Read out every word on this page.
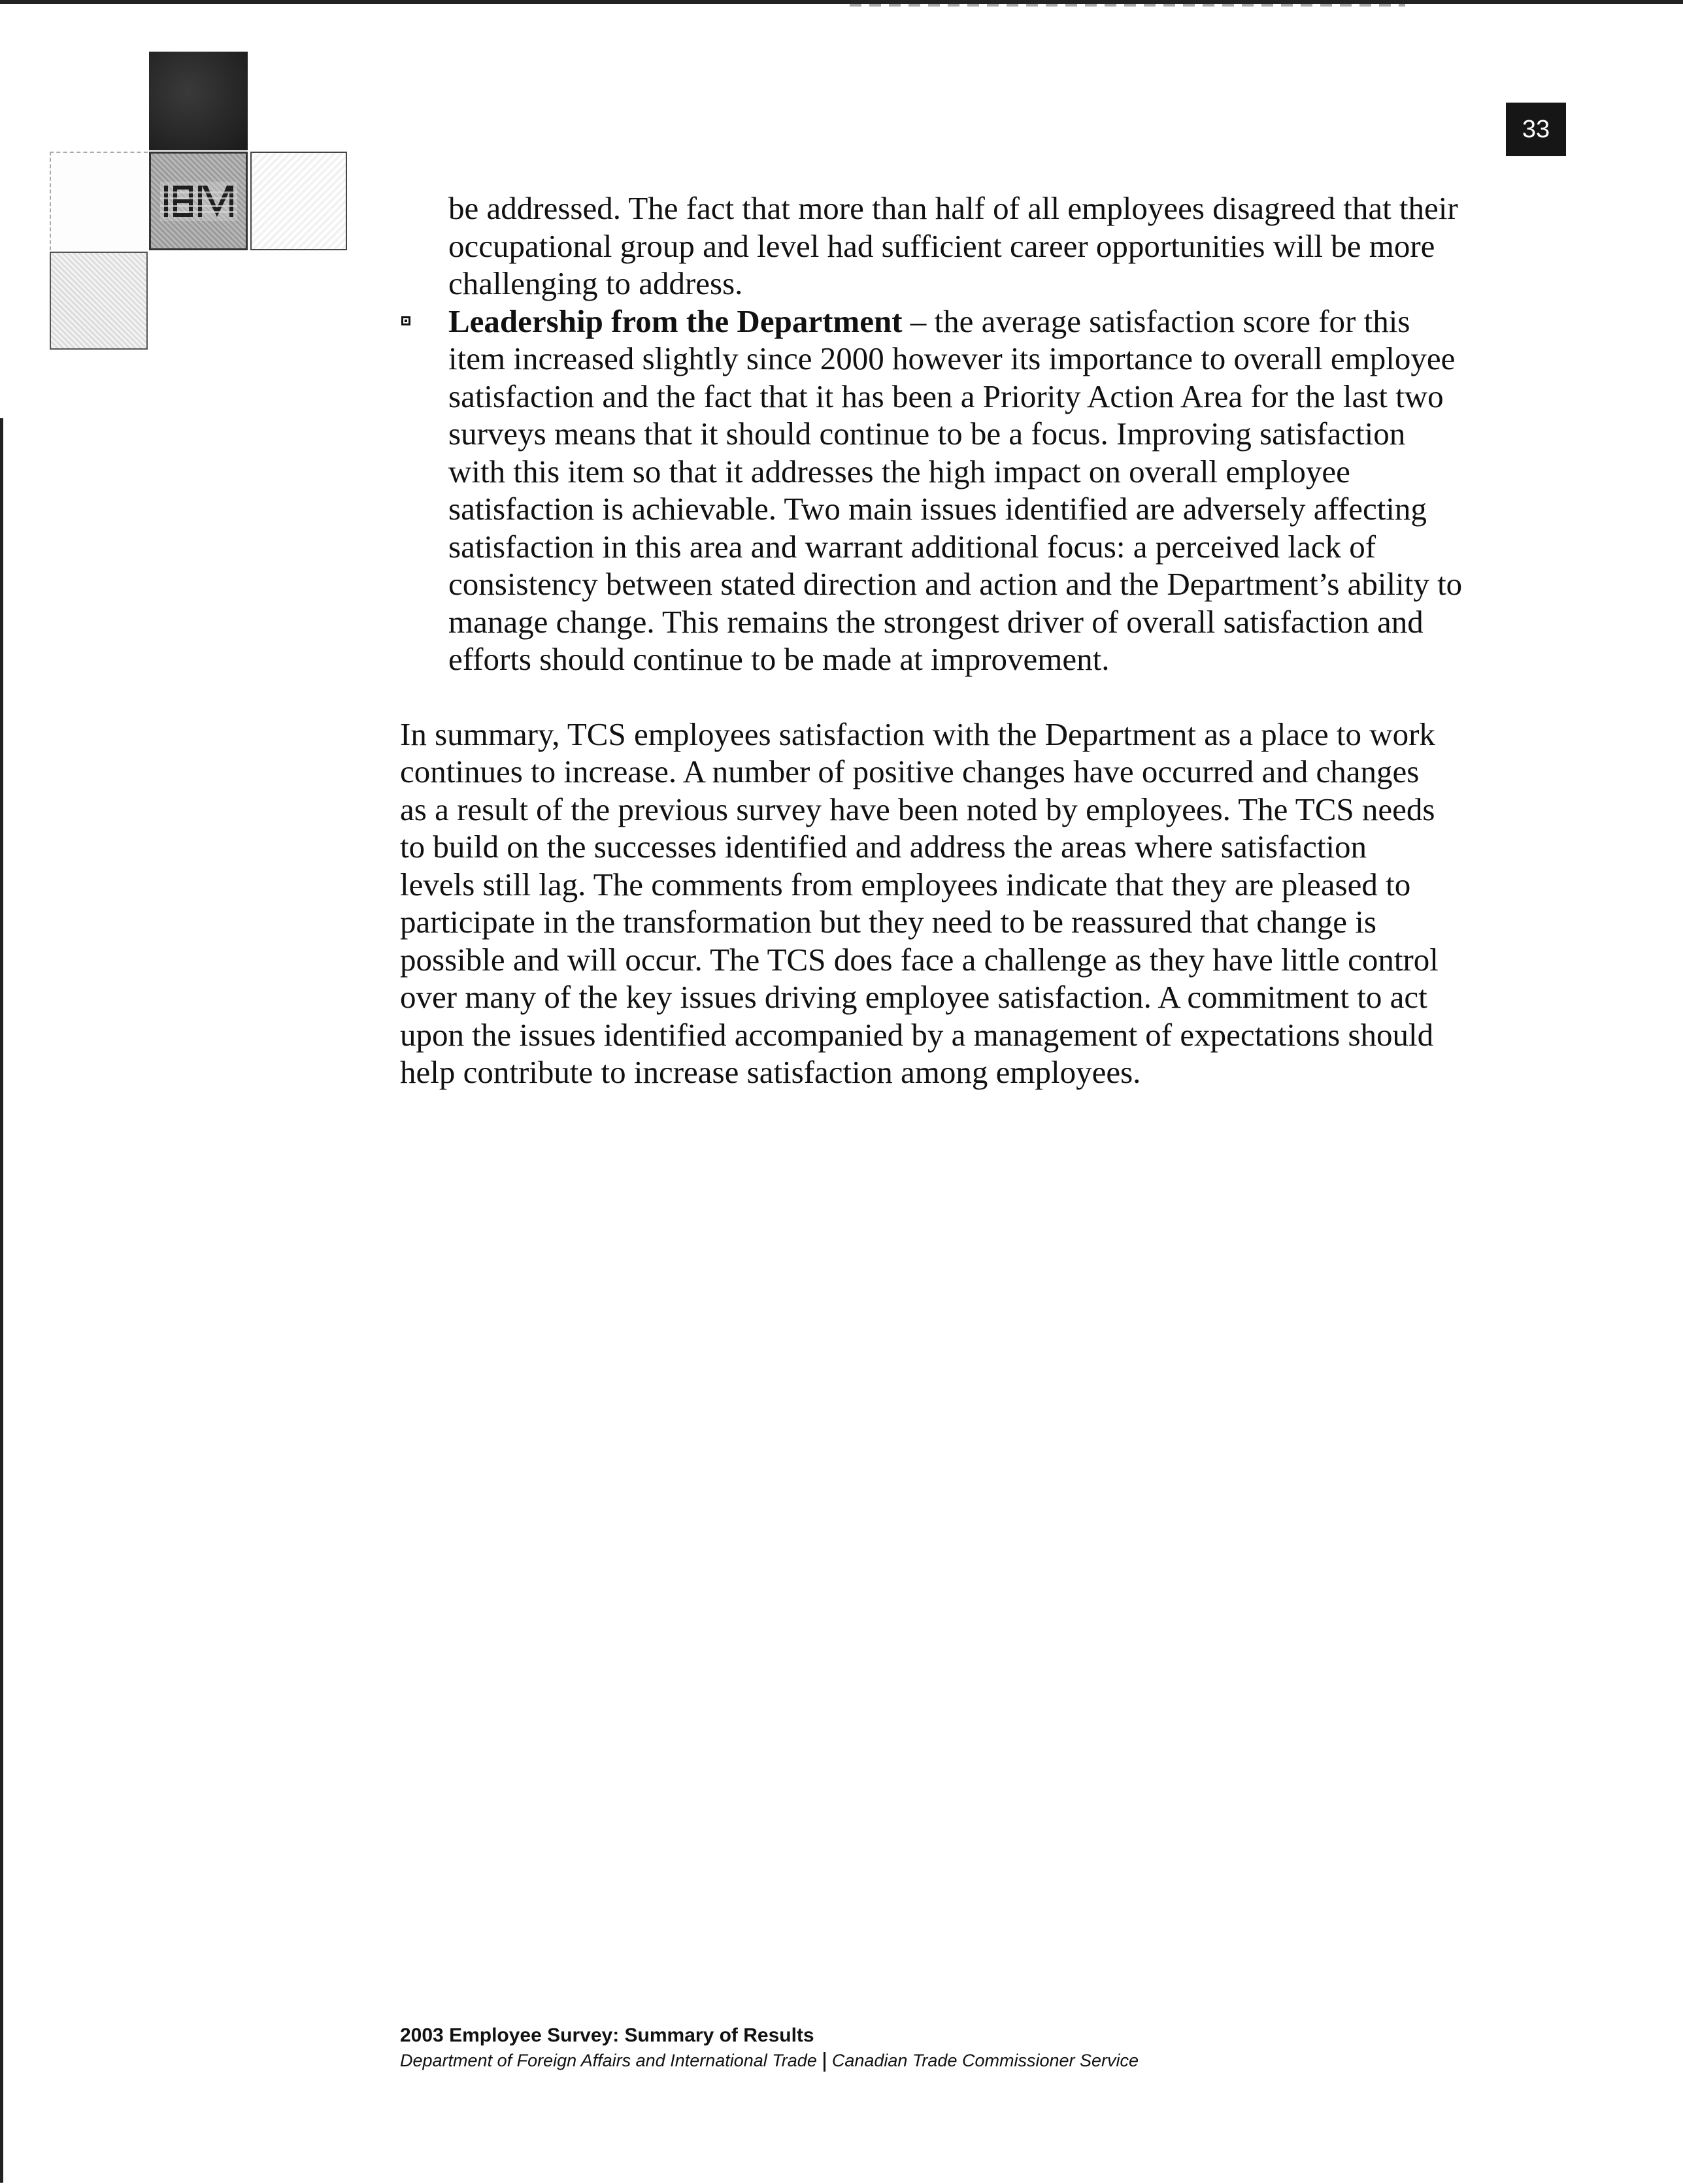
33

be addressed. The fact that more than half of all employees disagreed that their occupational group and level had sufficient career opportunities will be more challenging to address.

Leadership from the Department – the average satisfaction score for this item increased slightly since 2000 however its importance to overall employee satisfaction and the fact that it has been a Priority Action Area for the last two surveys means that it should continue to be a focus. Improving satisfaction with this item so that it addresses the high impact on overall employee satisfaction is achievable. Two main issues identified are adversely affecting satisfaction in this area and warrant additional focus: a perceived lack of consistency between stated direction and action and the Department’s ability to manage change. This remains the strongest driver of overall satisfaction and efforts should continue to be made at improvement.

In summary, TCS employees satisfaction with the Department as a place to work continues to increase. A number of positive changes have occurred and changes as a result of the previous survey have been noted by employees. The TCS needs to build on the successes identified and address the areas where satisfaction levels still lag. The comments from employees indicate that they are pleased to participate in the transformation but they need to be reassured that change is possible and will occur. The TCS does face a challenge as they have little control over many of the key issues driving employee satisfaction. A commitment to act upon the issues identified accompanied by a management of expectations should help contribute to increase satisfaction among employees.

2003 Employee Survey: Summary of Results
Department of Foreign Affairs and International Trade Canadian Trade Commissioner Service
